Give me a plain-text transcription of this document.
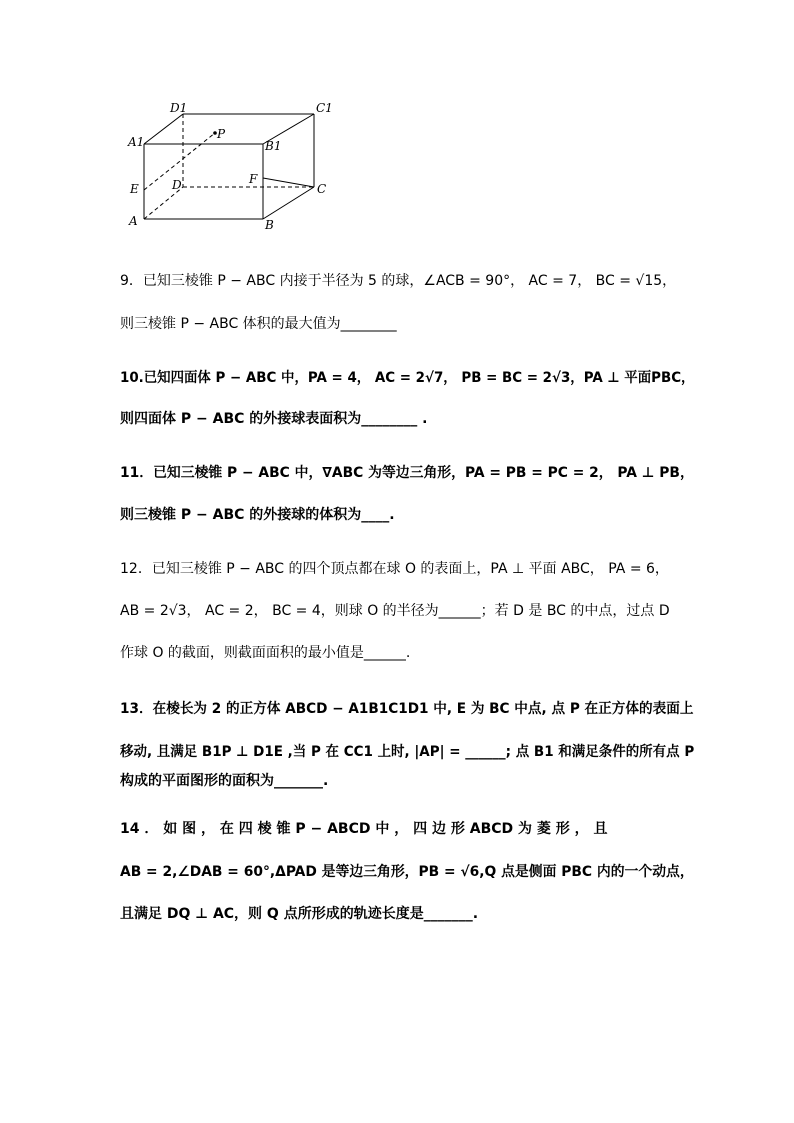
D1	C1
A1	B1
P
E	D	F
C
A	B
9．已知三棱锥 P − ABC 内接于半径为 5 的球，∠ACB = 90°， AC = 7， BC = √15，
则三棱锥 P − ABC 体积的最大值为________
10.已知四面体 P − ABC 中，PA = 4， AC = 2√7， PB = BC = 2√3，PA ⊥ 平面PBC，
则四面体 P − ABC 的外接球表面积为________ .
11．已知三棱锥 P − ABC 中，∇ABC 为等边三角形，PA = PB = PC = 2， PA ⊥ PB，
则三棱锥 P − ABC 的外接球的体积为____.
12．已知三棱锥 P − ABC 的四个顶点都在球 O 的表面上，PA ⊥ 平面 ABC， PA = 6，
AB = 2√3， AC = 2， BC = 4，则球 O 的半径为______；若 D 是 BC 的中点，过点 D
作球 O 的截面，则截面面积的最小值是______.
13．在棱长为 2 的正方体 ABCD − A1B1C1D1 中, E 为 BC 中点, 点 P 在正方体的表面上
移动, 且满足 B1P ⊥ D1E ,当 P 在 CC1 上时, |AP| = ______; 点 B1 和满足条件的所有点 P
构成的平面图形的面积为_______.
14 ． 如 图 ， 在 四 棱 锥 P − ABCD 中 ， 四 边 形 ABCD 为 菱 形 ， 且
AB = 2,∠DAB = 60°,ΔPAD 是等边三角形，PB = √6,Q 点是侧面 PBC 内的一个动点，
且满足 DQ ⊥ AC，则 Q 点所形成的轨迹长度是_______.
